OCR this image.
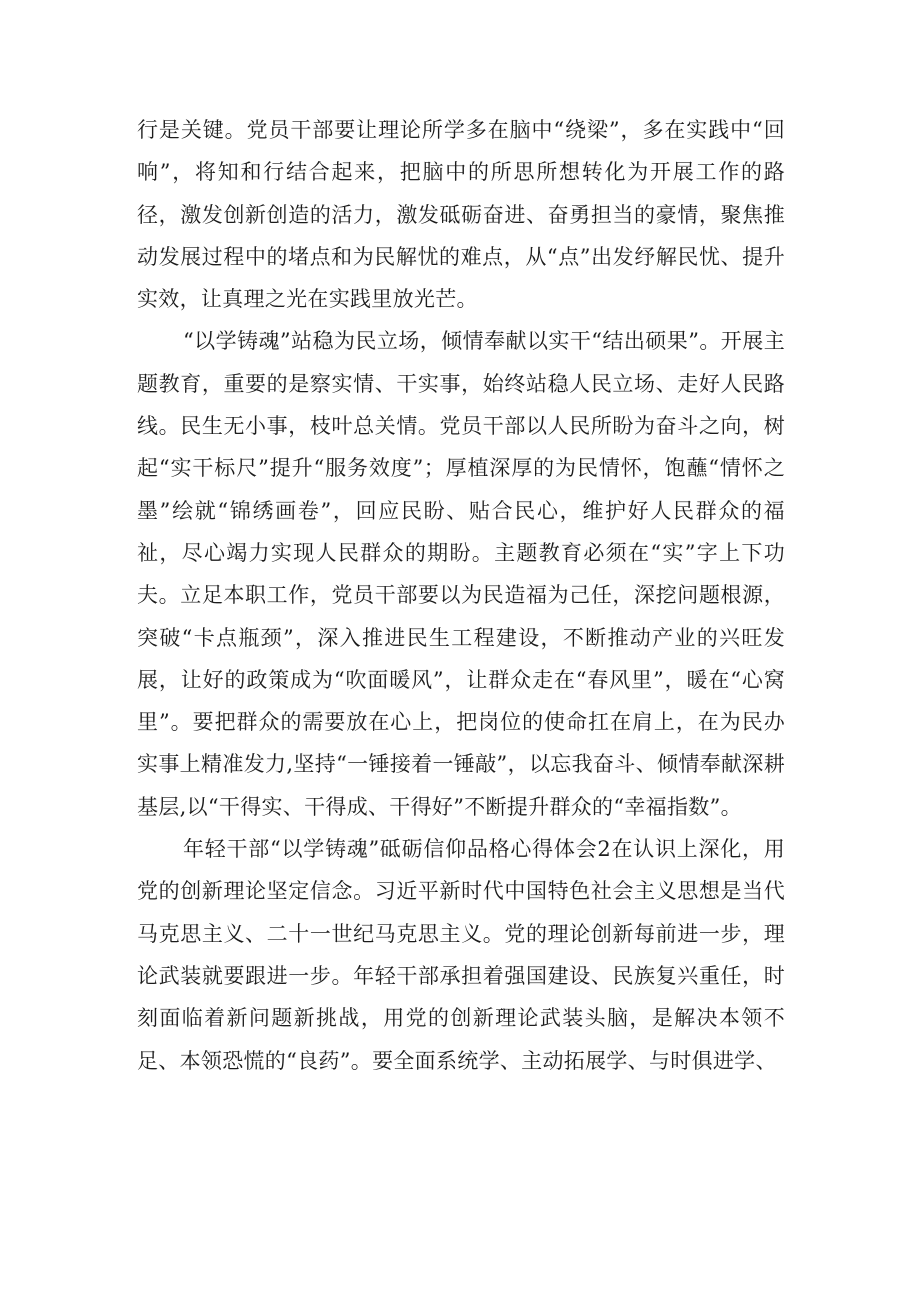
行是关键。党员干部要让理论所学多在脑中“绕梁”，多在实践中“回响”，将知和行结合起来，把脑中的所思所想转化为开展工作的路径，激发创新创造的活力，激发砥砺奋进、奋勇担当的豪情，聚焦推动发展过程中的堵点和为民解忧的难点，从“点”出发纾解民忧、提升实效，让真理之光在实践里放光芒。

“以学铸魂”站稳为民立场，倾情奉献以实干“结出硕果”。开展主题教育，重要的是察实情、干实事，始终站稳人民立场、走好人民路线。民生无小事，枝叶总关情。党员干部以人民所盼为奋斗之向，树起“实干标尺”提升“服务效度”；厚植深厚的为民情怀，饱蘸“情怀之墨”绘就“锦绣画卷”，回应民盼、贴合民心，维护好人民群众的福祉，尽心竭力实现人民群众的期盼。主题教育必须在“实”字上下功夫。立足本职工作，党员干部要以为民造福为己任，深挖问题根源，突破“卡点瓶颈”，深入推进民生工程建设，不断推动产业的兴旺发展，让好的政策成为“吹面暖风”，让群众走在“春风里”，暖在“心窝里”。要把群众的需要放在心上，把岗位的使命扛在肩上，在为民办实事上精准发力,坚持“一锤接着一锤敲”，以忘我奋斗、倾情奉献深耕基层,以“干得实、干得成、干得好”不断提升群众的“幸福指数”。

年轻干部“以学铸魂”砥砺信仰品格心得体会2在认识上深化，用党的创新理论坚定信念。习近平新时代中国特色社会主义思想是当代马克思主义、二十一世纪马克思主义。党的理论创新每前进一步，理论武装就要跟进一步。年轻干部承担着强国建设、民族复兴重任，时刻面临着新问题新挑战，用党的创新理论武装头脑，是解决本领不足、本领恐慌的“良药”。要全面系统学、主动拓展学、与时俱进学、
